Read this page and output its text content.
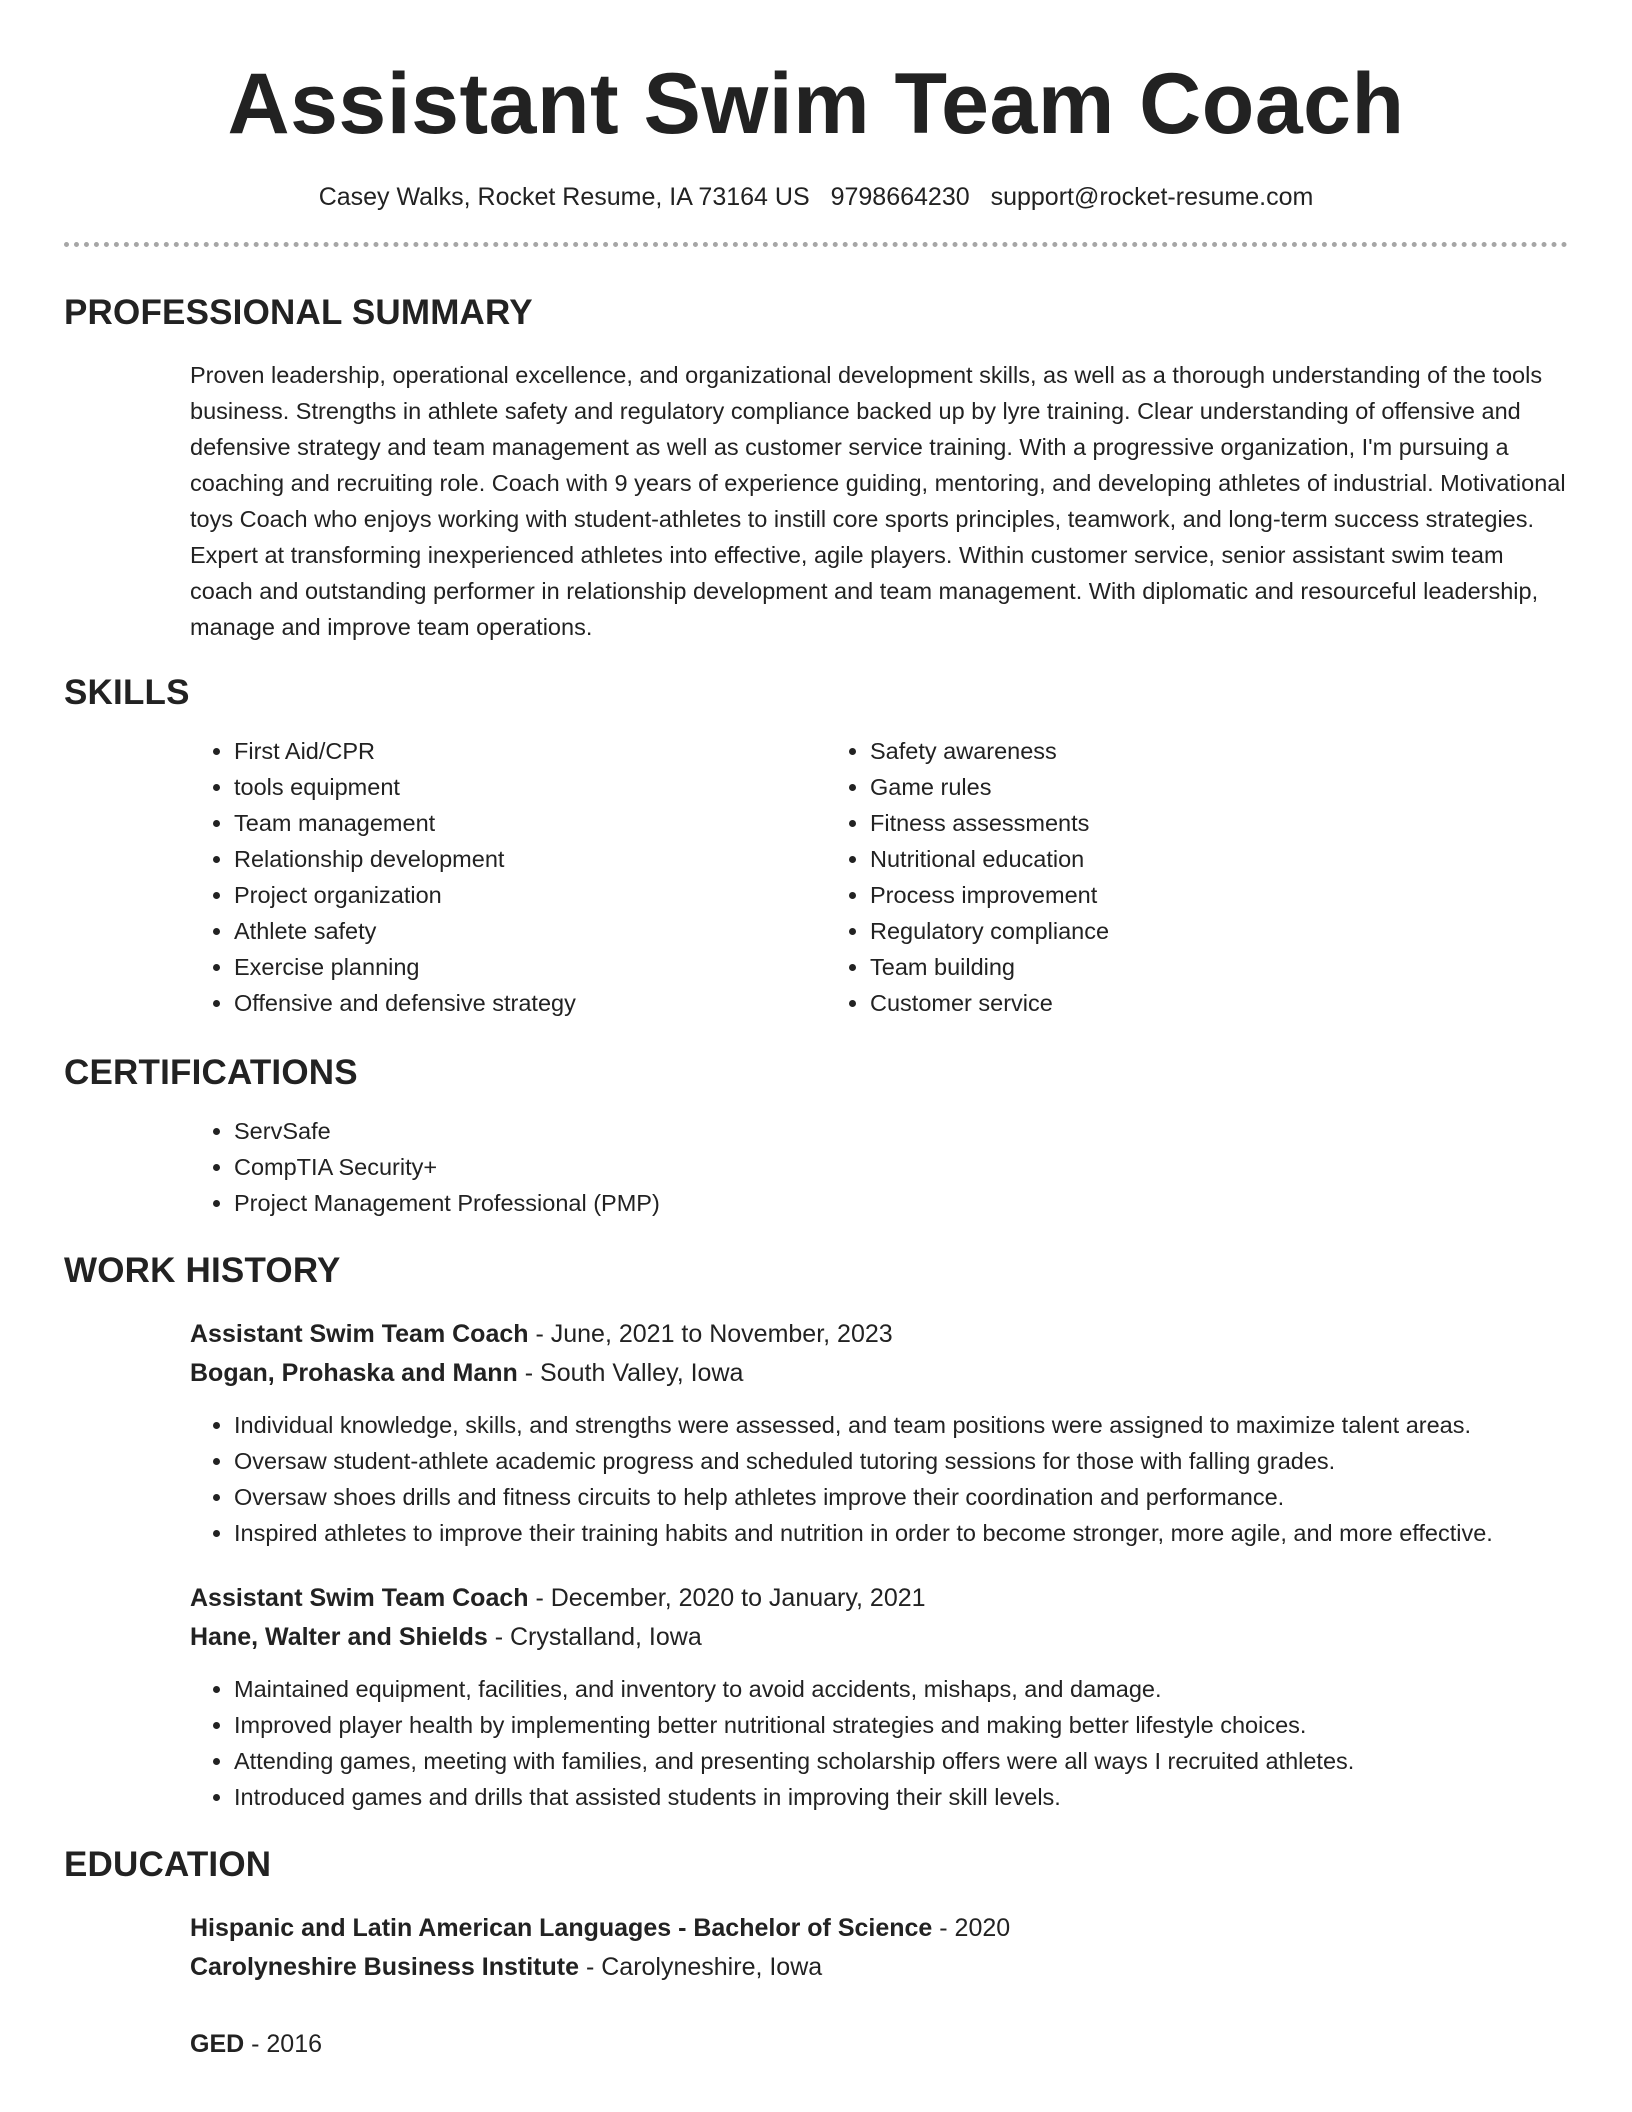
Assistant Swim Team Coach
Casey Walks, Rocket Resume, IA 73164 US 9798664230 support@rocket-resume.com
PROFESSIONAL SUMMARY

Proven leadership, operational excellence, and organizational development skills, as well as a thorough understanding of the tools business. Strengths in athlete safety and regulatory compliance backed up by lyre training. Clear understanding of offensive and defensive strategy and team management as well as customer service training. With a progressive organization, I'm pursuing a coaching and recruiting role. Coach with 9 years of experience guiding, mentoring, and developing athletes of industrial. Motivational toys Coach who enjoys working with student-athletes to instill core sports principles, teamwork, and long-term success strategies. Expert at transforming inexperienced athletes into effective, agile players. Within customer service, senior assistant swim team coach and outstanding performer in relationship development and team management. With diplomatic and resourceful leadership, manage and improve team operations.

SKILLS
• First Aid/CPR
• tools equipment
• Team management
• Relationship development
• Project organization
• Athlete safety
• Exercise planning
• Offensive and defensive strategy
• Safety awareness
• Game rules
• Fitness assessments
• Nutritional education
• Process improvement
• Regulatory compliance
• Team building
• Customer service
CERTIFICATIONS
• ServSafe
• CompTIA Security+
• Project Management Professional (PMP)
WORK HISTORY
Assistant Swim Team Coach - June, 2021 to November, 2023
Bogan, Prohaska and Mann - South Valley, Iowa
• Individual knowledge, skills, and strengths were assessed, and team positions were assigned to maximize talent areas.
• Oversaw student-athlete academic progress and scheduled tutoring sessions for those with falling grades.
• Oversaw shoes drills and fitness circuits to help athletes improve their coordination and performance.
• Inspired athletes to improve their training habits and nutrition in order to become stronger, more agile, and more effective.
Assistant Swim Team Coach - December, 2020 to January, 2021
Hane, Walter and Shields - Crystalland, Iowa
• Maintained equipment, facilities, and inventory to avoid accidents, mishaps, and damage.
• Improved player health by implementing better nutritional strategies and making better lifestyle choices.
• Attending games, meeting with families, and presenting scholarship offers were all ways I recruited athletes.
• Introduced games and drills that assisted students in improving their skill levels.
EDUCATION
Hispanic and Latin American Languages - Bachelor of Science - 2020
Carolyneshire Business Institute - Carolyneshire, Iowa
GED - 2016
